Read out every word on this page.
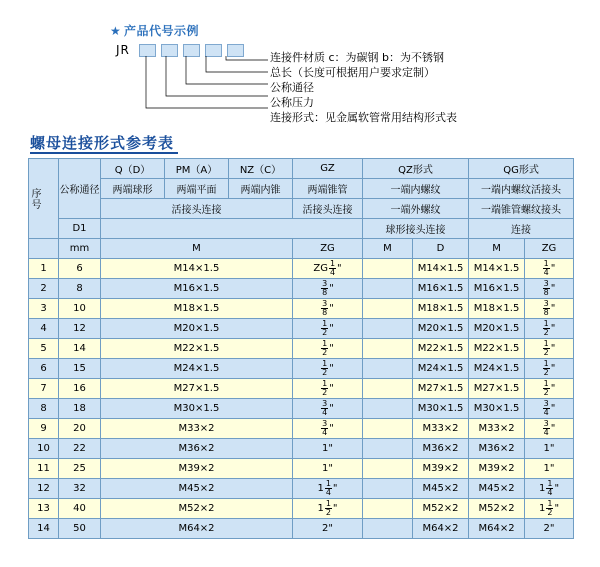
★ 产品代号示例
JR
连接件材质 c：为碳钢 b：为不锈钢
总长（长度可根据用户要求定制）
公称通径
公称压力
连接形式：见金属软管常用结构形式表
螺母连接形式参考表
序号	公称通径	Q（D）	PM（A）	NZ（C）	GZ	QZ形式		QG形式	
		两端球形	两端平面	两端内锥	两端锥管	一端内螺纹		一端内螺纹活接头	
		活接头连接			活接头连接	一端外螺纹		一端锥管螺纹接头	
	D1					球形接头连接		连接	
	mm	M			ZG	M	D	M	ZG
1	6	M14×1.5			ZG $\frac{1}{4}$ "		M14×1.5	M14×1.5	$\frac{1}{4}$ "

2	8	M16×1.5			$\frac{3}{8}$ "		M16×1.5	M16×1.5	$\frac{3}{8}$ "

3	10	M18×1.5			$\frac{3}{8}$ "		M18×1.5	M18×1.5	$\frac{3}{8}$ "

4	12	M20×1.5			$\frac{1}{2}$ "		M20×1.5	M20×1.5	$\frac{1}{2}$ "

5	14	M22×1.5			$\frac{1}{2}$ "		M22×1.5	M22×1.5	$\frac{1}{2}$ "

6	15	M24×1.5			$\frac{1}{2}$ "		M24×1.5	M24×1.5	$\frac{1}{2}$ "

7	16	M27×1.5			$\frac{1}{2}$ "		M27×1.5	M27×1.5	$\frac{1}{2}$ "

8	18	M30×1.5			$\frac{3}{4}$ "		M30×1.5	M30×1.5	$\frac{3}{4}$ "

9	20	M33×2			$\frac{3}{4}$ "		M33×2	M33×2	$\frac{3}{4}$ "

10	22	M36×2			1"		M36×2	M36×2	1"
11	25	M39×2			1"		M39×2	M39×2	1"
12	32	M45×2			$1 \frac{1}{4}$ "		M45×2	M45×2	$1 \frac{1}{4}$ "

13	40	M52×2			$1 \frac{1}{2}$ "		M52×2	M52×2	$1 \frac{1}{2}$ "

14	50	M64×2			2"		M64×2	M64×2	2"
